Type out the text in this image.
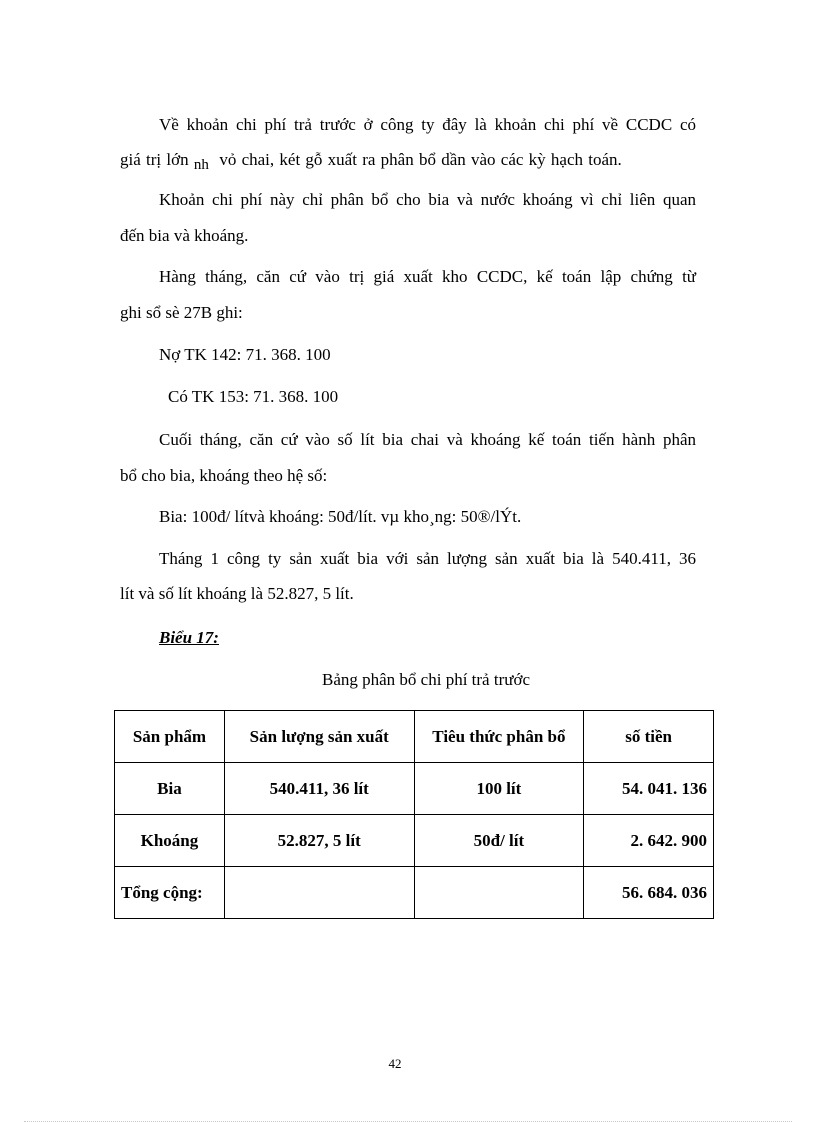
Về khoản chi phí trả trước ở công ty đây là khoản chi phí về CCDC có
giá trị lớn nh vỏ chai, két gỗ xuất ra phân bổ dần vào các kỳ hạch toán.
Khoản chi phí này chỉ phân bổ cho bia và nước khoáng vì chỉ liên quan
đến bia và khoáng.
Hàng tháng, căn cứ vào trị giá xuất kho CCDC, kế toán lập chứng từ
ghi sổ sè 27B ghi:
Nợ TK 142: 71. 368. 100
Có TK 153: 71. 368. 100
Cuối tháng, căn cứ vào số lít bia chai và khoáng kế toán tiến hành phân
bổ cho bia, khoáng theo hệ số:
Bia: 100đ/ lítvà khoáng: 50đ/lít. vµ kho¸ng: 50®/lÝt.
Tháng 1 công ty sản xuất bia với sản lượng sản xuất bia là 540.411, 36
lít và số lít khoáng là 52.827, 5 lít.
Biểu 17:
Bảng phân bổ chi phí trả trước
Sản phẩm	Sản lượng sản xuất	Tiêu thức phân bổ	số tiền
Bia	540.411, 36 lít	100 lít	54. 041. 136
Khoáng	52.827, 5 lít	50đ/ lít	2. 642. 900
Tổng cộng:			56. 684. 036
42
